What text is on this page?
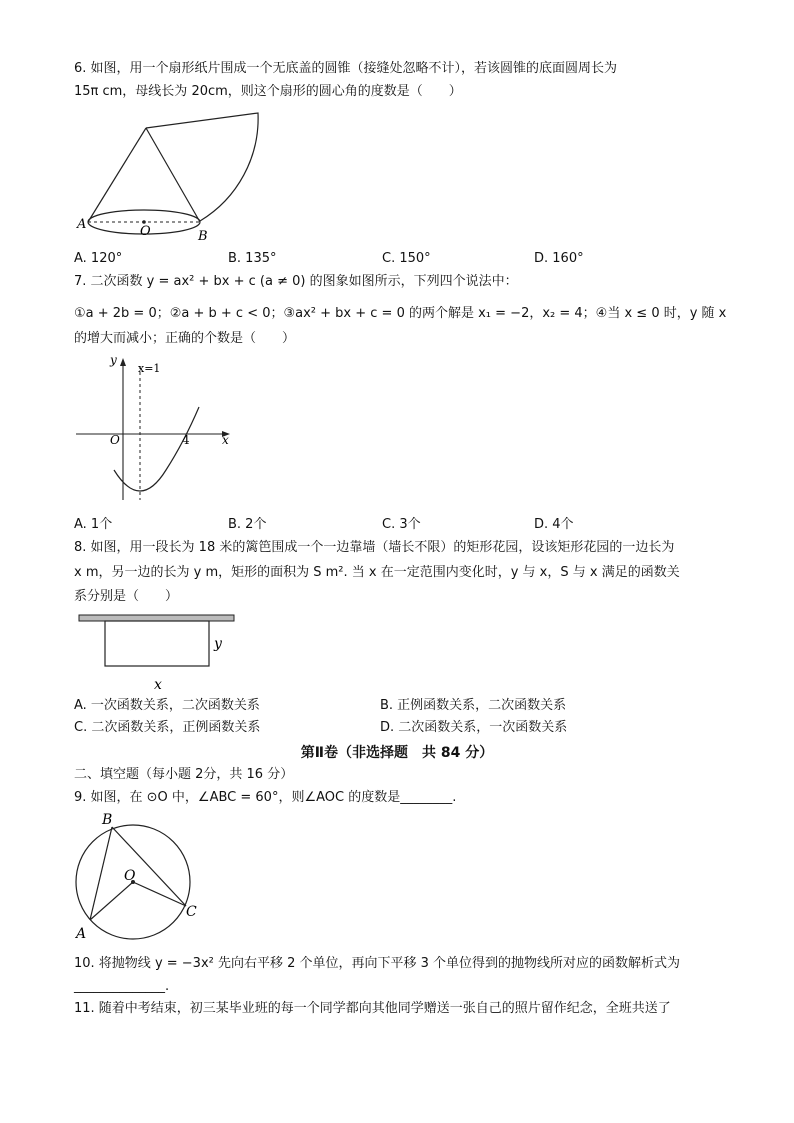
6. 如图，用一个扇形纸片围成一个无底盖的圆锥（接缝处忽略不计），若该圆锥的底面圆周长为
15π cm，母线长为 20cm，则这个扇形的圆心角的度数是（　　）
A	O	B
A. 120°	B. 135°	C. 150°	D. 160°
7. 二次函数 y = ax² + bx + c (a ≠ 0) 的图象如图所示，下列四个说法中：
①a + 2b = 0；②a + b + c < 0；③ax² + bx + c = 0 的两个解是 x₁ = −2，x₂ = 4；④当 x ≤ 0 时，y 随 x
的增大而减小；正确的个数是（　　）
y
x=1
O	4	x
A. 1个	B. 2个	C. 3个	D. 4个
8. 如图，用一段长为 18 米的篱笆围成一个一边靠墙（墙长不限）的矩形花园，设该矩形花园的一边长为
x m，另一边的长为 y m，矩形的面积为 S m². 当 x 在一定范围内变化时，y 与 x，S 与 x 满足的函数关
系分别是（　　）
y
x
A. 一次函数关系，二次函数关系	B. 正例函数关系，二次函数关系
C. 二次函数关系，正例函数关系	D. 二次函数关系，一次函数关系
第Ⅱ卷（非选择题　共 84 分）
二、填空题（每小题 2分，共 16 分）
9. 如图，在 ⊙O 中，∠ABC = 60°，则∠AOC 的度数是________.
B
O
C
A
10. 将抛物线 y = −3x² 先向右平移 2 个单位，再向下平移 3 个单位得到的抛物线所对应的函数解析式为
______________.
11. 随着中考结束，初三某毕业班的每一个同学都向其他同学赠送一张自己的照片留作纪念，全班共送了
